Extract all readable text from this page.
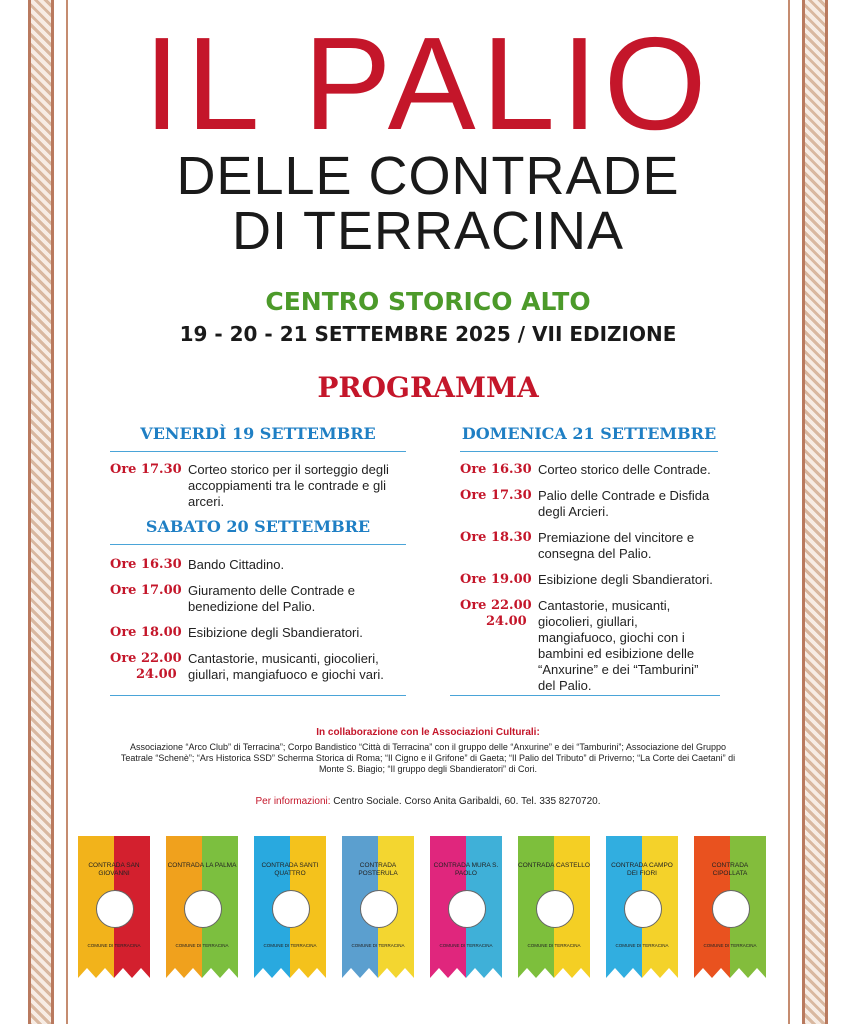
IL PALIO
DELLE CONTRADE
DI TERRACINA
CENTRO STORICO ALTO
19 - 20 - 21 SETTEMBRE 2025 / VII EDIZIONE
PROGRAMMA
VENERDÌ 19 SETTEMBRE
Ore 17.30 Corteo storico per il sorteggio degli accoppiamenti tra le contrade e gli arceri.
SABATO 20 SETTEMBRE
Ore 16.30 Bando Cittadino.
Ore 17.00 Giuramento delle Contrade e benedizione del Palio.
Ore 18.00 Esibizione degli Sbandieratori.
Ore 22.00
24.00
Cantastorie, musicanti, giocolieri, giullari, mangiafuoco e giochi vari.
DOMENICA 21 SETTEMBRE
Ore 16.30 Corteo storico delle Contrade.
Ore 17.30 Palio delle Contrade e Disfida degli Arcieri.
Ore 18.30 Premiazione del vincitore e consegna del Palio.
Ore 19.00 Esibizione degli Sbandieratori.
Ore 22.00
24.00
Cantastorie, musicanti, giocolieri, giullari, mangiafuoco, giochi con i bambini ed esibizione delle “Anxurine” e dei “Tamburini” del Palio.
In collaborazione con le Associazioni Culturali:
Associazione “Arco Club” di Terracina”; Corpo Bandistico “Città di Terracina” con il gruppo delle “Anxurine” e dei “Tamburini”; Associazione del Gruppo Teatrale “Schenè”; “Ars Historica SSD” Scherma Storica di Roma; “Il Cigno e il Grifone” di Gaeta; “Il Palio del Tributo” di Priverno; “La Corte dei Caetani” di Monte S. Biagio; “Il gruppo degli Sbandieratori” di Cori.
Per informazioni: Centro Sociale. Corso Anita Garibaldi, 60. Tel. 335 8270720.
CONTRADA SAN GIOVANNI
COMUNE DI TERRACINA
CONTRADA LA PALMA
COMUNE DI TERRACINA
CONTRADA SANTI QUATTRO
COMUNE DI TERRACINA
CONTRADA POSTERULA
COMUNE DI TERRACINA
CONTRADA MURA S. PAOLO
COMUNE DI TERRACINA
CONTRADA CASTELLO
COMUNE DI TERRACINA
CONTRADA CAMPO DEI FIORI
COMUNE DI TERRACINA
CONTRADA CIPOLLATA
COMUNE DI TERRACINA
